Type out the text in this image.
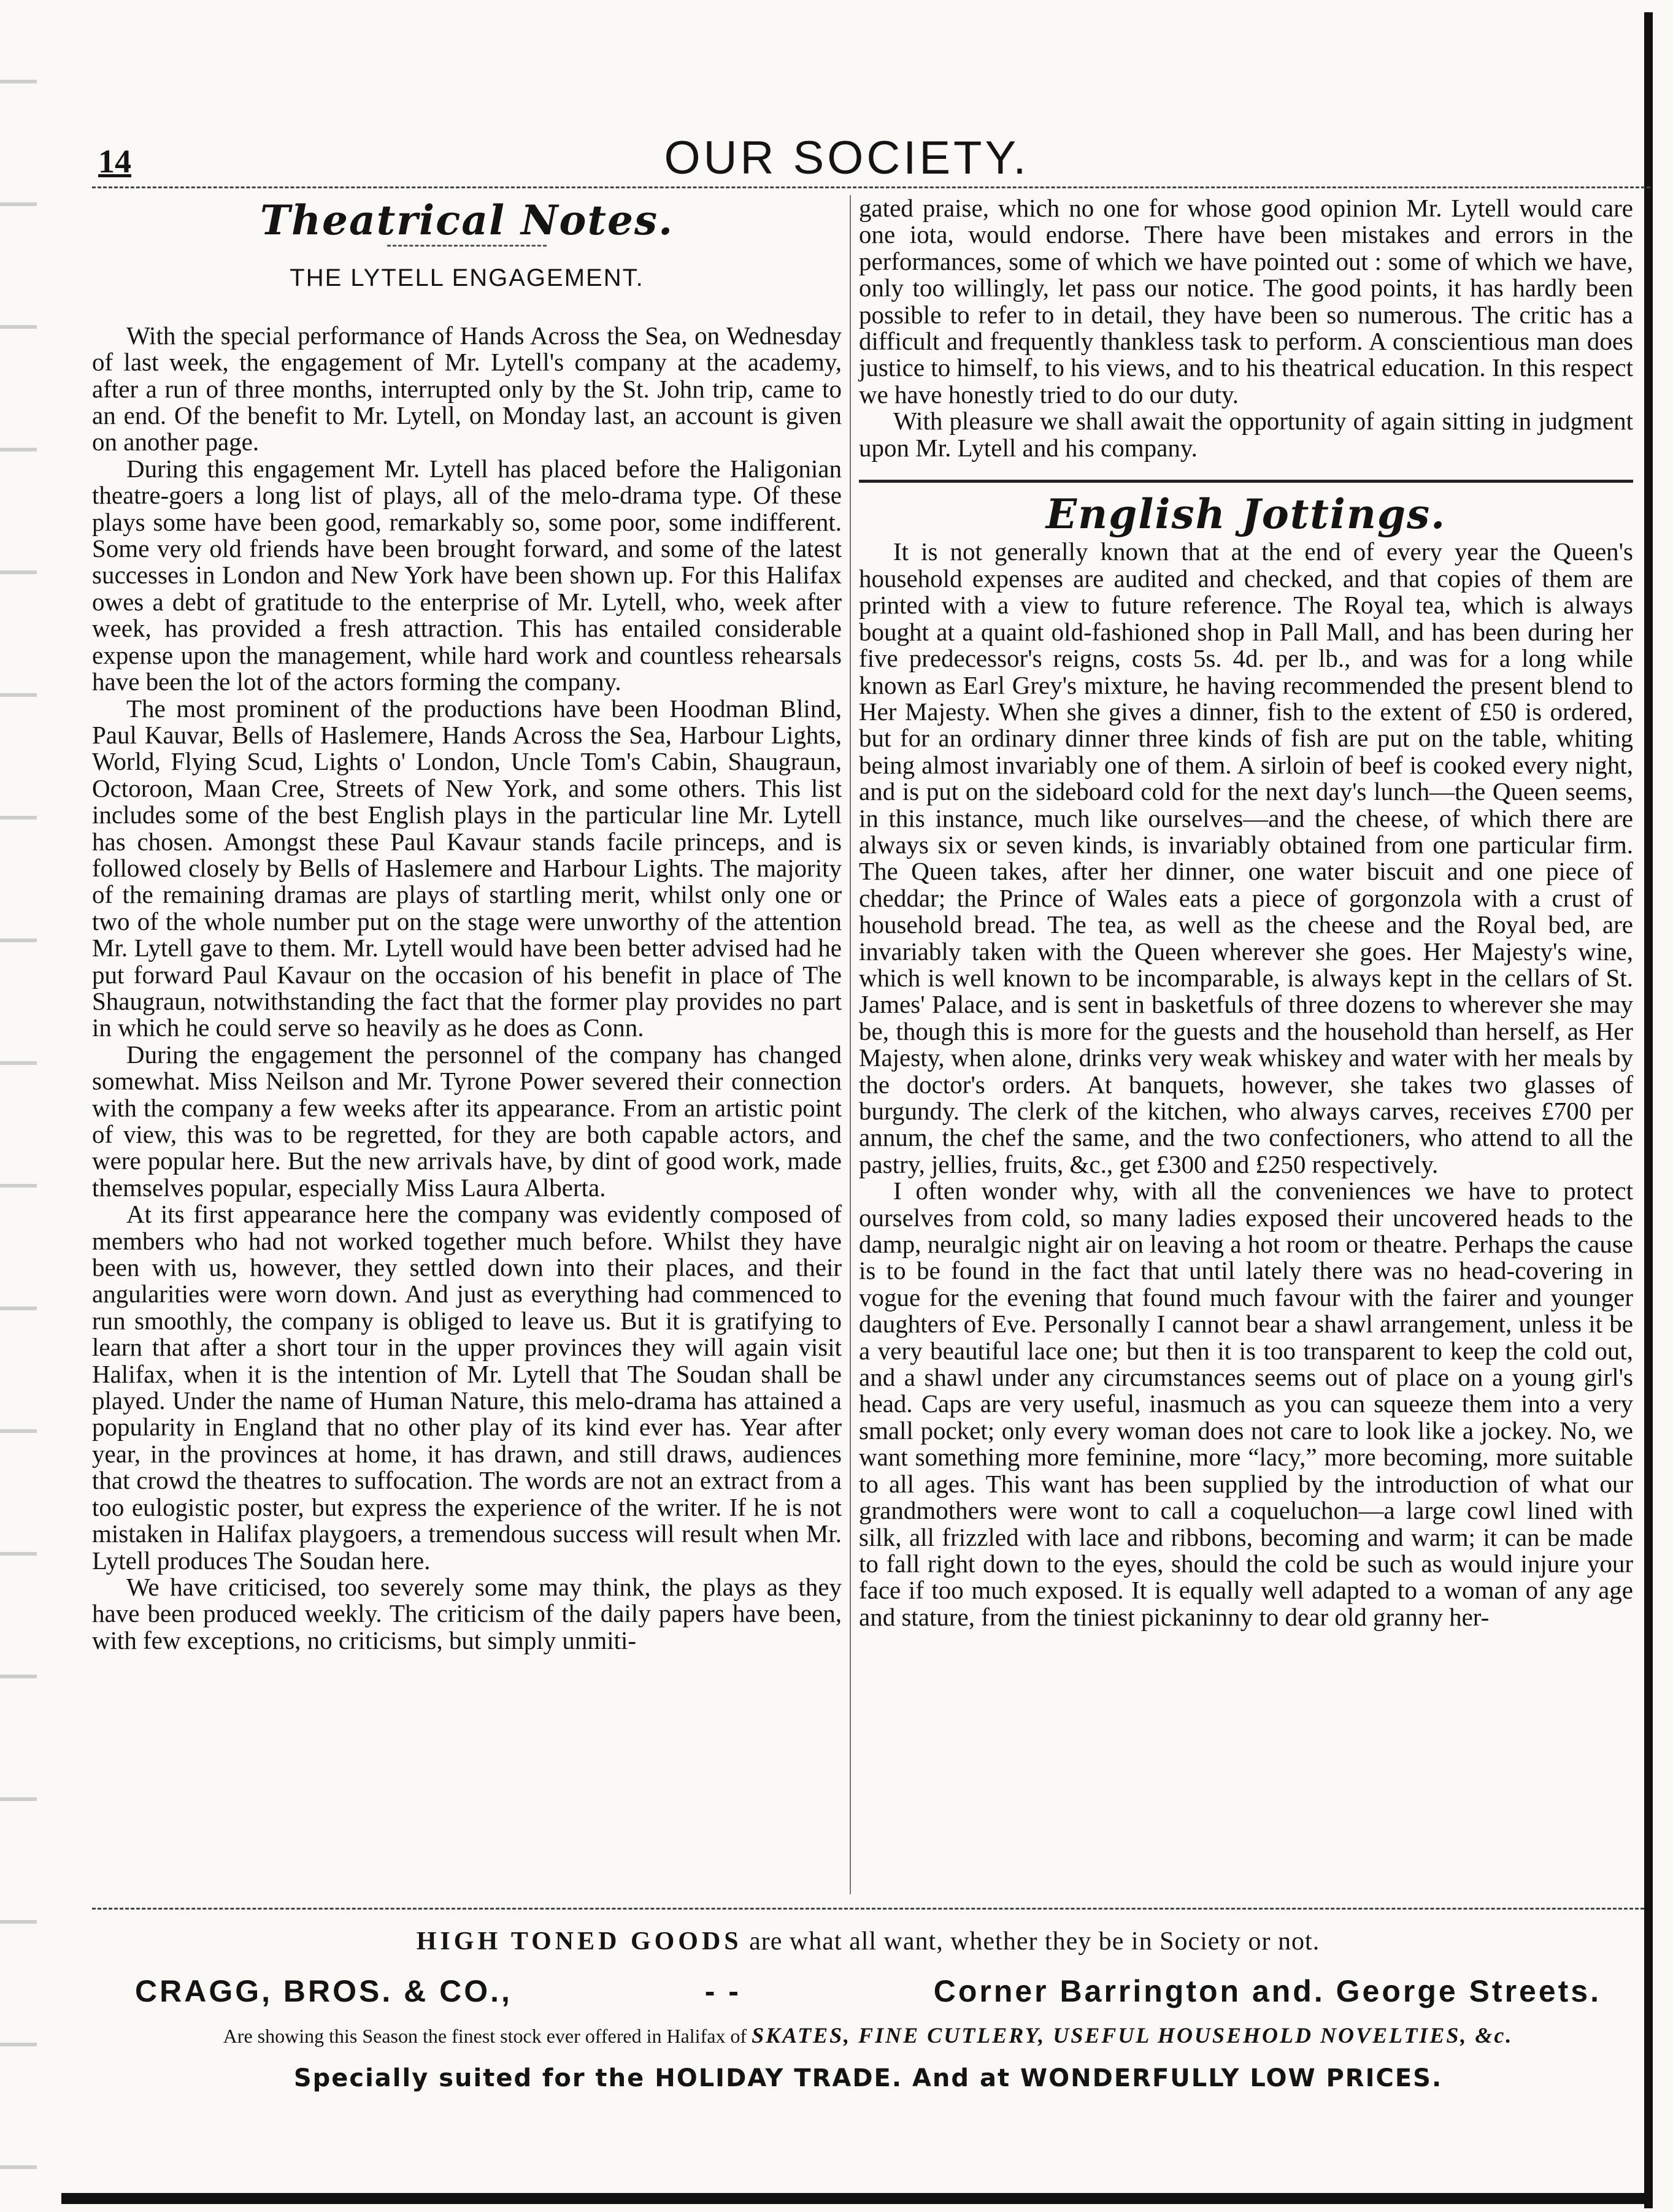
14	OUR SOCIETY.
Theatrical Notes.
THE LYTELL ENGAGEMENT.

With the special performance of Hands Across the Sea, on Wednesday of last week, the engagement of Mr. Lytell's company at the academy, after a run of three months, interrupted only by the St. John trip, came to an end. Of the benefit to Mr. Lytell, on Monday last, an account is given on another page.

During this engagement Mr. Lytell has placed before the Haligonian theatre-goers a long list of plays, all of the melo-drama type. Of these plays some have been good, remarkably so, some poor, some indifferent. Some very old friends have been brought forward, and some of the latest successes in London and New York have been shown up. For this Halifax owes a debt of gratitude to the enterprise of Mr. Lytell, who, week after week, has provided a fresh attraction. This has entailed considerable expense upon the management, while hard work and countless rehearsals have been the lot of the actors forming the company.

The most prominent of the productions have been Hoodman Blind, Paul Kauvar, Bells of Haslemere, Hands Across the Sea, Harbour Lights, World, Flying Scud, Lights o' London, Uncle Tom's Cabin, Shaugraun, Octoroon, Maan Cree, Streets of New York, and some others. This list includes some of the best English plays in the particular line Mr. Lytell has chosen. Amongst these Paul Kavaur stands facile princeps, and is followed closely by Bells of Haslemere and Harbour Lights. The majority of the remaining dramas are plays of startling merit, whilst only one or two of the whole number put on the stage were unworthy of the attention Mr. Lytell gave to them. Mr. Lytell would have been better advised had he put forward Paul Kavaur on the occasion of his benefit in place of The Shaugraun, notwithstanding the fact that the former play provides no part in which he could serve so heavily as he does as Conn.

During the engagement the personnel of the company has changed somewhat. Miss Neilson and Mr. Tyrone Power severed their connection with the company a few weeks after its appearance. From an artistic point of view, this was to be regretted, for they are both capable actors, and were popular here. But the new arrivals have, by dint of good work, made themselves popular, especially Miss Laura Alberta.

At its first appearance here the company was evidently composed of members who had not worked together much before. Whilst they have been with us, however, they settled down into their places, and their angularities were worn down. And just as everything had commenced to run smoothly, the company is obliged to leave us. But it is gratifying to learn that after a short tour in the upper provinces they will again visit Halifax, when it is the intention of Mr. Lytell that The Soudan shall be played. Under the name of Human Nature, this melo-drama has attained a popularity in England that no other play of its kind ever has. Year after year, in the provinces at home, it has drawn, and still draws, audiences that crowd the theatres to suffocation. The words are not an extract from a too eulogistic poster, but express the experience of the writer. If he is not mistaken in Halifax playgoers, a tremendous success will result when Mr. Lytell produces The Soudan here.

We have criticised, too severely some may think, the plays as they have been produced weekly. The criticism of the daily papers have been, with few exceptions, no criticisms, but simply unmiti-

gated praise, which no one for whose good opinion Mr. Lytell would care one iota, would endorse. There have been mistakes and errors in the performances, some of which we have pointed out : some of which we have, only too willingly, let pass our notice. The good points, it has hardly been possible to refer to in detail, they have been so numerous. The critic has a difficult and frequently thankless task to perform. A conscientious man does justice to himself, to his views, and to his theatrical education. In this respect we have honestly tried to do our duty.

With pleasure we shall await the opportunity of again sitting in judgment upon Mr. Lytell and his company.

English Jottings.

It is not generally known that at the end of every year the Queen's household expenses are audited and checked, and that copies of them are printed with a view to future reference. The Royal tea, which is always bought at a quaint old-fashioned shop in Pall Mall, and has been during her five predecessor's reigns, costs 5s. 4d. per lb., and was for a long while known as Earl Grey's mixture, he having recommended the present blend to Her Majesty. When she gives a dinner, fish to the extent of £50 is ordered, but for an ordinary dinner three kinds of fish are put on the table, whiting being almost invariably one of them. A sirloin of beef is cooked every night, and is put on the sideboard cold for the next day's lunch—the Queen seems, in this instance, much like ourselves—and the cheese, of which there are always six or seven kinds, is invariably obtained from one particular firm. The Queen takes, after her dinner, one water biscuit and one piece of cheddar; the Prince of Wales eats a piece of gorgonzola with a crust of household bread. The tea, as well as the cheese and the Royal bed, are invariably taken with the Queen wherever she goes. Her Majesty's wine, which is well known to be incomparable, is always kept in the cellars of St. James' Palace, and is sent in basketfuls of three dozens to wherever she may be, though this is more for the guests and the household than herself, as Her Majesty, when alone, drinks very weak whiskey and water with her meals by the doctor's orders. At banquets, however, she takes two glasses of burgundy. The clerk of the kitchen, who always carves, receives £700 per annum, the chef the same, and the two confectioners, who attend to all the pastry, jellies, fruits, &c., get £300 and £250 respectively.

I often wonder why, with all the conveniences we have to protect ourselves from cold, so many ladies exposed their uncovered heads to the damp, neuralgic night air on leaving a hot room or theatre. Perhaps the cause is to be found in the fact that until lately there was no head-covering in vogue for the evening that found much favour with the fairer and younger daughters of Eve. Personally I cannot bear a shawl arrangement, unless it be a very beautiful lace one; but then it is too transparent to keep the cold out, and a shawl under any circumstances seems out of place on a young girl's head. Caps are very useful, inasmuch as you can squeeze them into a very small pocket; only every woman does not care to look like a jockey. No, we want something more feminine, more “lacy,” more becoming, more suitable to all ages. This want has been supplied by the introduction of what our grandmothers were wont to call a coqueluchon—a large cowl lined with silk, all frizzled with lace and ribbons, becoming and warm; it can be made to fall right down to the eyes, should the cold be such as would injure your face if too much exposed. It is equally well adapted to a woman of any age and stature, from the tiniest pickaninny to dear old granny her-

HIGH TONED GOODS are what all want, whether they be in Society or not.
CRAGG, BROS. & CO.,	- -	Corner Barrington and. George Streets.
Are showing this Season the finest stock ever offered in Halifax of SKATES, FINE CUTLERY, USEFUL HOUSEHOLD NOVELTIES, &c.
Specially suited for the HOLIDAY TRADE. And at WONDERFULLY LOW PRICES.
